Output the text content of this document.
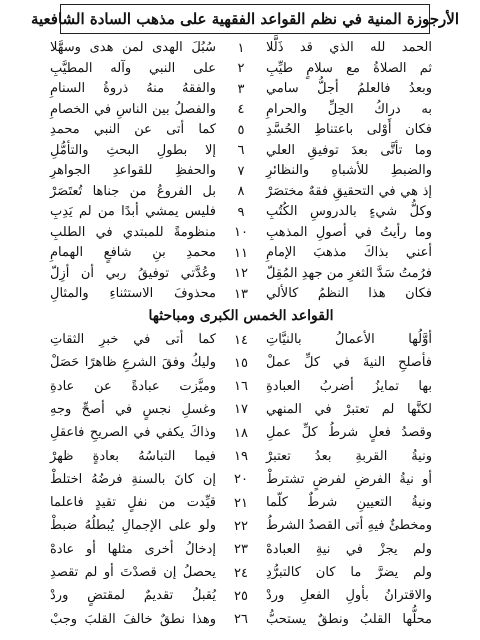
الأرجوزة المنية في نظم القواعد الفقهية على مذهب السادة الشافعية
الحمد لله الذي قد ذَلَّلا
١
سُبُلَ الهدى لمن هدى وسهَّلا
ثم الصلاةُ مع سلامٍ طيِّبِ
٢
على النبي وآله المطيَّبِ
وبعدُ فالعلمُ أجلُّ سامي
٣
والفقهُ منهُ ذروةُ السنامِ
به دراكُ الحِلِّ والحرامِ
٤
والفصلُ بين الناسِ في الخصامِ
فكان أَوْلى باعتناطِ الحُسَّدِ
٥
كما أتى عن النبي محمدِ
وما تأتَّى بعدَ توفيقِ العلي
٦
إلا بطولِ البحثِ والتأمُّلِ
والضبطِ للأشباهِ والنظائرِ
٧
والحفظِ للقواعدِ الجواهرِ
إذ هي في التحقيقِ فقهٌ مختصَرْ
٨
بل الفروعُ من جناها تُعتَصَرْ
وكلُّ شيءٍ بالدروسِ الكُتُبِ
٩
فليس يمشي أبدًا من لم يَدِبِ
وما رأيتُ في أصولِ المذهبِ
١٠
منظومةً للمبتدي في الطلبِ
أعني بذاكَ مذهبَ الإمامِ
١١
محمدِ بنِ شافعٍ الهمامِ
فرُمتُ سَدَّ الثغرِ من جهدِ المُقِلّ
١٢
وعُدَّتي توفيقُ ربي أن أزِلّ
فكان هذا النظمُ كالألي
١٣
محذوفَ الاستثناءِ والمثالِ
القواعد الخمس الكبرى ومباحثها
أوَّلُها الأعمالُ بالنيَّاتِ
١٤
كما أتى في خبرِ الثقاتِ
فأصلحِ النيةَ في كلِّ عملْ
١٥
وليكُ وفقَ الشرعِ ظاهرًا حَصَلْ
بها تمايزُ أضربُ العبادةِ
١٦
وميَّزت عبادةً عن عادةِ
لكنَّها لم تعتبرْ في المنهي
١٧
وغسلِ نجسٍ في أصحِّ وجهِ
وقصدُ فعلٍ شرطُ كلِّ عملِ
١٨
وذاكَ يكفي في الصريحِ فاعقلِ
ونيةُ القربةِ بعدُ تعتبرْ
١٩
فيما التباسُهُ بعادةٍ ظهرْ
أو نيةُ الفرضِ لفرضٍ تشترطْ
٢٠
إن كانَ بالسنةِ فرضُهُ اختلطْ
ونيةُ التعيينِ شرطٌ كلّما
٢١
قيِّدت من نفلٍ تقيدٍ فاعلما
ومخطئٌ فيهِ أتى القصدُ الشرطُ
٢٢
ولو على الإجمالِ يُبطلُهُ ضبطْ
ولم يجزْ في نيةِ العبادهْ
٢٣
إدخالُ أخرى مثلها أو عادهْ
ولم يضرَّ ما كان كالتبرُّدِ
٢٤
يحصلُ إن قصدْتَ أو لم تقصدِ
والاقترانُ بأولِ الفعلِ وردْ
٢٥
يُقبلُ تقديمٌ لمقتضٍ وردْ
محلُّها القلبُ ونطقٌ يستحبُّ
٢٦
وهذا نطقٌ خالفَ القلبَ وجبْ
